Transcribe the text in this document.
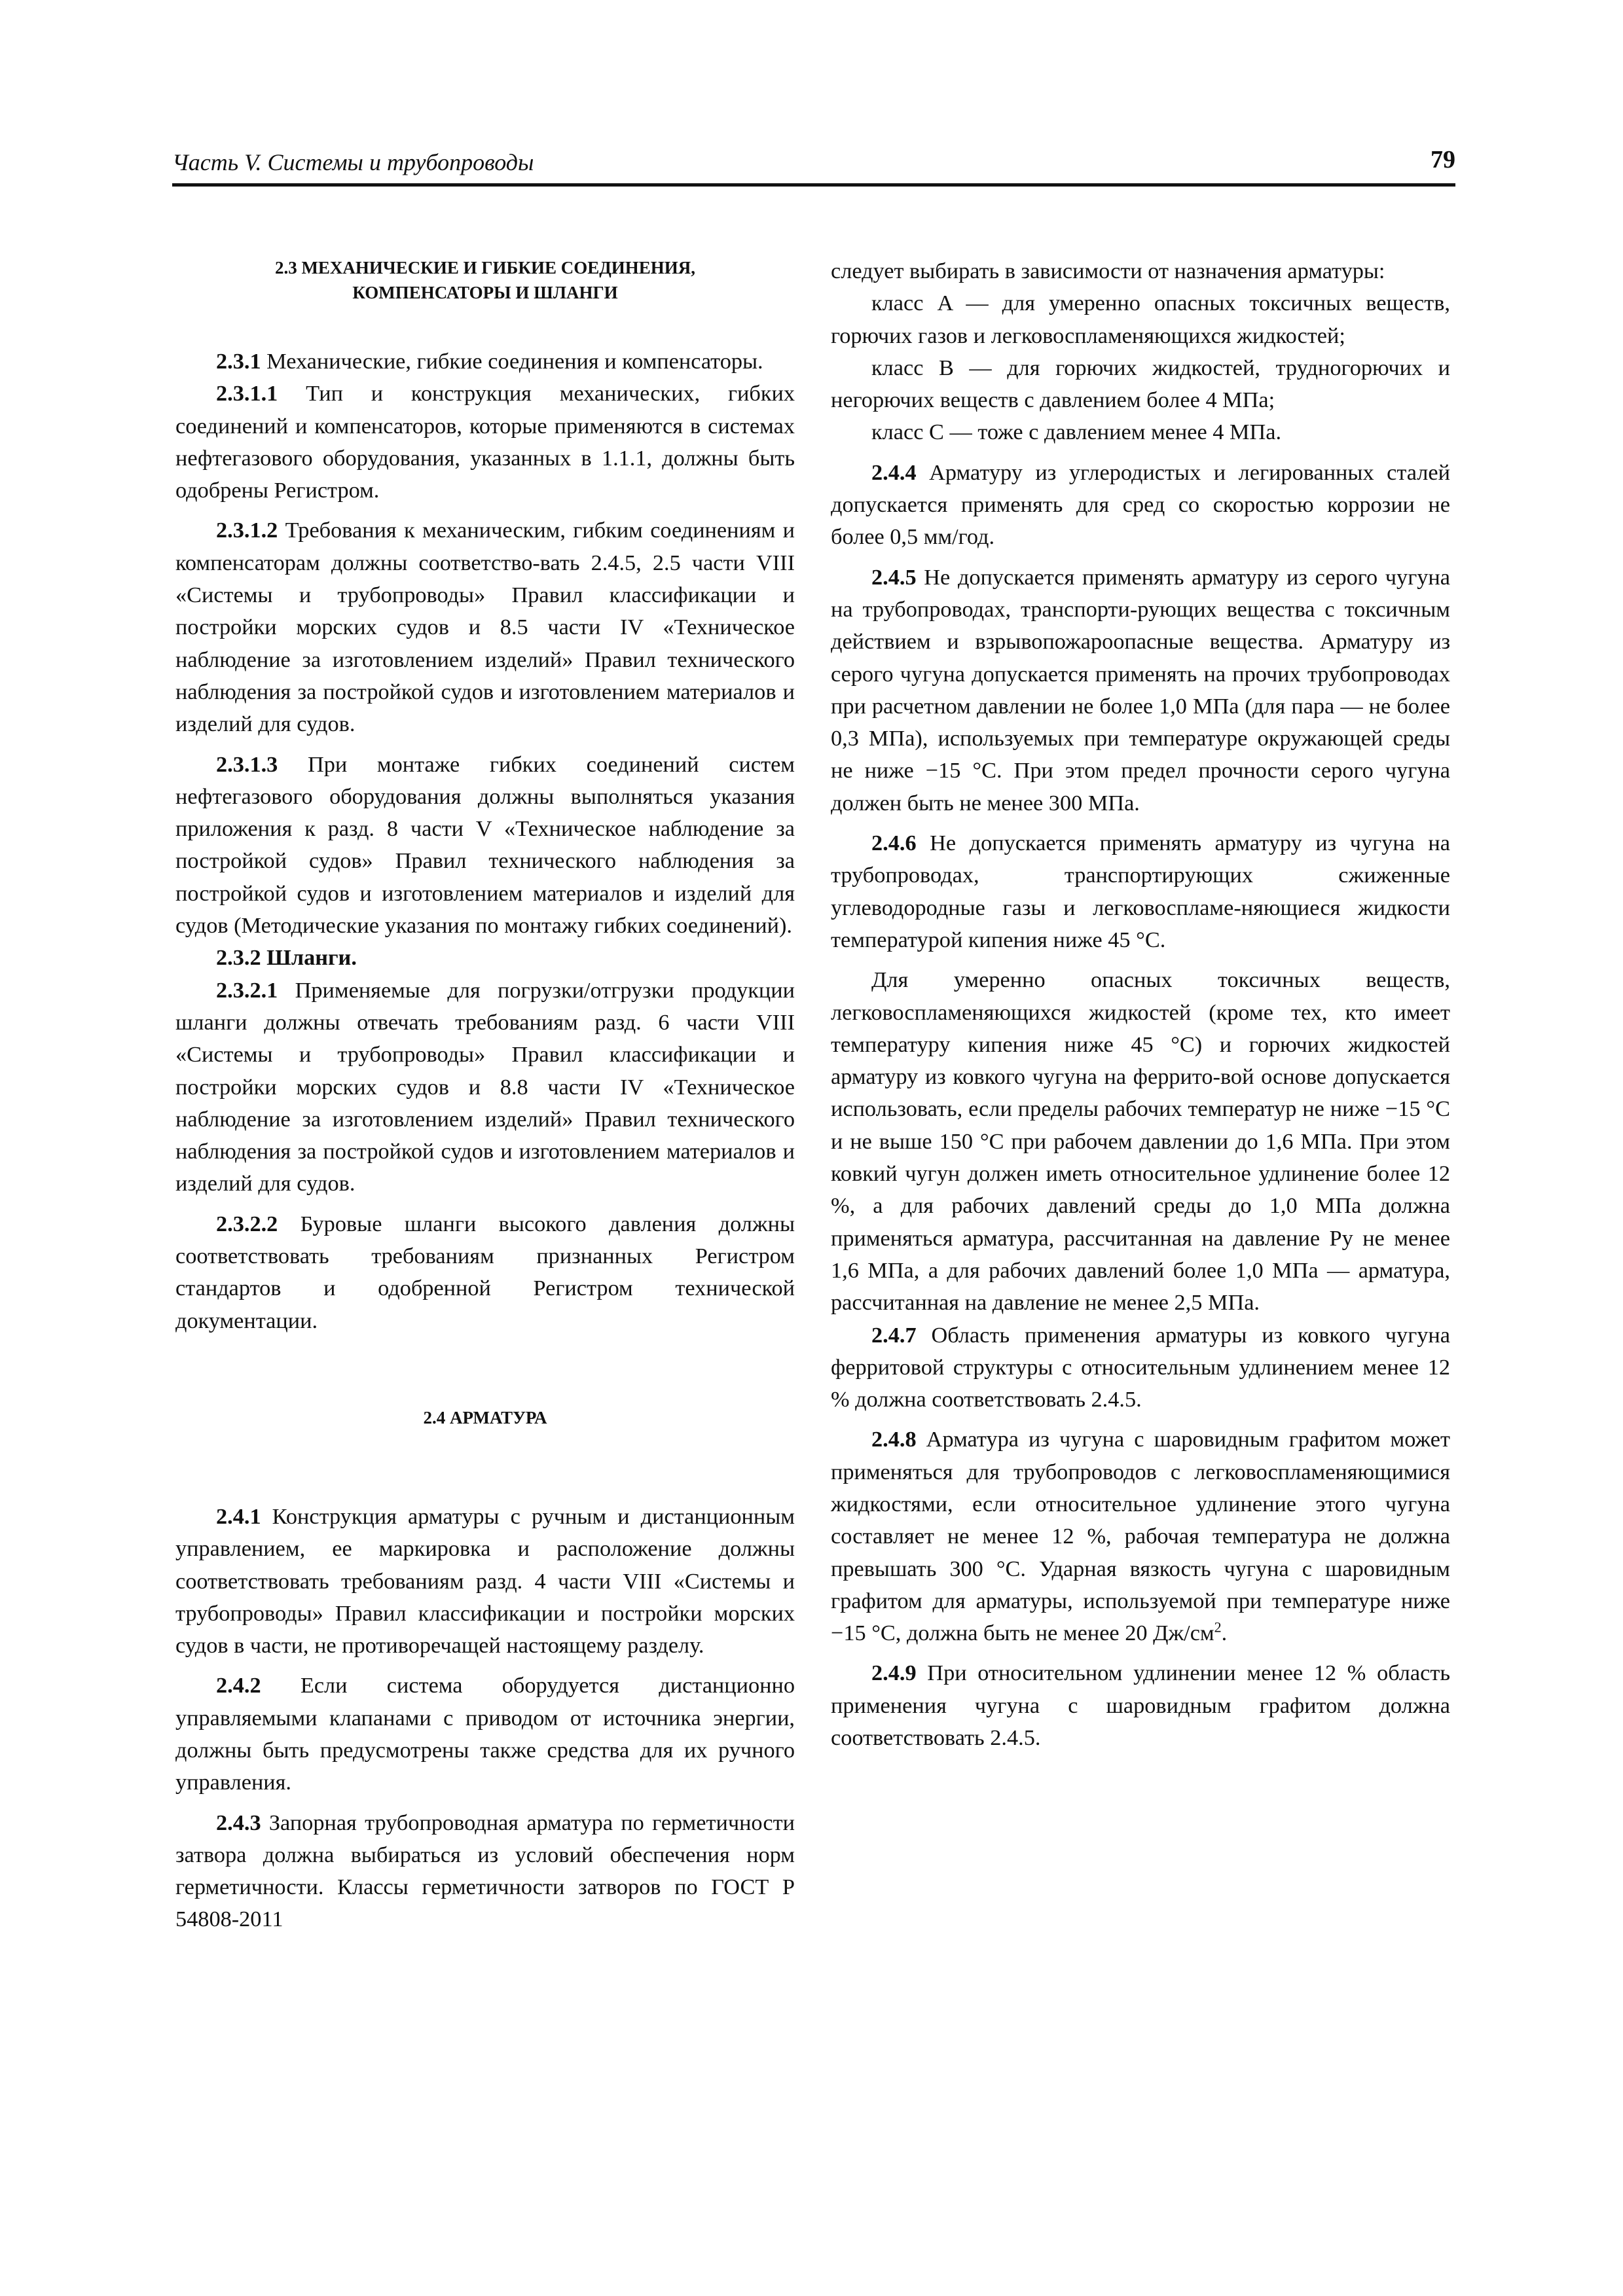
Часть V. Системы и трубопроводы	79
2.3 МЕХАНИЧЕСКИЕ И ГИБКИЕ СОЕДИНЕНИЯ,
КОМПЕНСАТОРЫ И ШЛАНГИ

2.3.1 Механические, гибкие соединения и компенсаторы.

2.3.1.1 Тип и конструкция механических, гибких соединений и компенсаторов, которые применяются в системах нефтегазового оборудования, указанных в 1.1.1, должны быть одобрены Регистром.

2.3.1.2 Требования к механическим, гибким соединениям и компенсаторам должны соответство-вать 2.4.5, 2.5 части VIII «Системы и трубопроводы» Правил классификации и постройки морских судов и 8.5 части IV «Техническое наблюдение за изготовлением изделий» Правил технического наблюдения за постройкой судов и изготовлением материалов и изделий для судов.

2.3.1.3 При монтаже гибких соединений систем нефтегазового оборудования должны выполняться указания приложения к разд. 8 части V «Техническое наблюдение за постройкой судов» Правил технического наблюдения за постройкой судов и изготовлением материалов и изделий для судов (Методические указания по монтажу гибких соединений).

2.3.2 Шланги.

2.3.2.1 Применяемые для погрузки/отгрузки продукции шланги должны отвечать требованиям разд. 6 части VIII «Системы и трубопроводы» Правил классификации и постройки морских судов и 8.8 части IV «Техническое наблюдение за изготовлением изделий» Правил технического наблюдения за постройкой судов и изготовлением материалов и изделий для судов.

2.3.2.2 Буровые шланги высокого давления должны соответствовать требованиям признанных Регистром стандартов и одобренной Регистром технической документации.

2.4 АРМАТУРА

2.4.1 Конструкция арматуры с ручным и дистанционным управлением, ее маркировка и расположение должны соответствовать требованиям разд. 4 части VIII «Системы и трубопроводы» Правил классификации и постройки морских судов в части, не противоречащей настоящему разделу.

2.4.2 Если система оборудуется дистанционно управляемыми клапанами с приводом от источника энергии, должны быть предусмотрены также средства для их ручного управления.

2.4.3 Запорная трубопроводная арматура по герметичности затвора должна выбираться из условий обеспечения норм герметичности. Классы герметичности затворов по ГОСТ Р 54808-2011

следует выбирать в зависимости от назначения арматуры:

класс A — для умеренно опасных токсичных веществ, горючих газов и легковоспламеняющихся жидкостей;

класс B — для горючих жидкостей, трудногорючих и негорючих веществ с давлением более 4 МПа;

класс C — тоже с давлением менее 4 МПа.

2.4.4 Арматуру из углеродистых и легированных сталей допускается применять для сред со скоростью коррозии не более 0,5 мм/год.

2.4.5 Не допускается применять арматуру из серого чугуна на трубопроводах, транспорти-рующих вещества с токсичным действием и взрывопожароопасные вещества. Арматуру из серого чугуна допускается применять на прочих трубопроводах при расчетном давлении не более 1,0 МПа (для пара — не более 0,3 МПа), используемых при температуре окружающей среды не ниже −15 °С. При этом предел прочности серого чугуна должен быть не менее 300 МПа.

2.4.6 Не допускается применять арматуру из чугуна на трубопроводах, транспортирующих сжиженные углеводородные газы и легковоспламе-няющиеся жидкости температурой кипения ниже 45 °С.

Для умеренно опасных токсичных веществ, легковоспламеняющихся жидкостей (кроме тех, кто имеет температуру кипения ниже 45 °С) и горючих жидкостей арматуру из ковкого чугуна на феррито-вой основе допускается использовать, если пределы рабочих температур не ниже −15 °С и не выше 150 °С при рабочем давлении до 1,6 МПа. При этом ковкий чугун должен иметь относительное удлинение более 12 %, а для рабочих давлений среды до 1,0 МПа должна применяться арматура, рассчитанная на давление Pу не менее 1,6 МПа, а для рабочих давлений более 1,0 МПа — арматура, рассчитанная на давление не менее 2,5 МПа.

2.4.7 Область применения арматуры из ковкого чугуна ферритовой структуры с относительным удлинением менее 12 % должна соответствовать 2.4.5.

2.4.8 Арматура из чугуна с шаровидным графитом может применяться для трубопроводов с легковоспламеняющимися жидкостями, если относительное удлинение этого чугуна составляет не менее 12 %, рабочая температура не должна превышать 300 °С. Ударная вязкость чугуна с шаровидным графитом для арматуры, используемой при температуре ниже −15 °С, должна быть не менее 20 $Дж/см^2$.

2.4.9 При относительном удлинении менее 12 % область применения чугуна с шаровидным графитом должна соответствовать 2.4.5.
